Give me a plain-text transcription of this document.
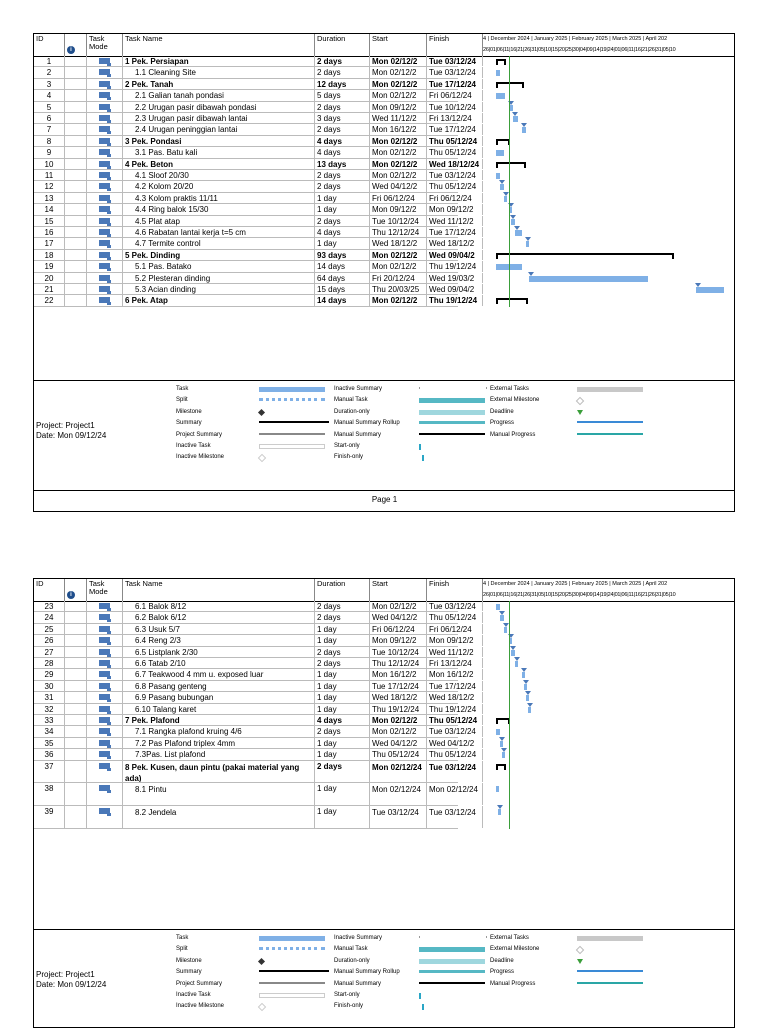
ID
i
Task Mode
Task Name	Duration	Start	Finish	4 | December 2024 | January 2025 | February 2025 | March 2025 | April 202
26|01|06|11|16|21|26|31|05|10|15|20|25|30|04|09|14|19|24|01|06|11|16|21|26|31|05|10
1	1 Pek. Persiapan	2 days	Mon 02/12/2	Tue 03/12/24
2	1.1 Cleaning Site	2 days	Mon 02/12/2	Tue 03/12/24
3	2 Pek. Tanah	12 days	Mon 02/12/2	Tue 17/12/24
4	2.1 Galian tanah pondasi	5 days	Mon 02/12/2	Fri 06/12/24
5	2.2 Urugan pasir dibawah pondasi	2 days	Mon 09/12/2	Tue 10/12/24
6	2.3 Urugan pasir dibawah lantai	3 days	Wed 11/12/2	Fri 13/12/24
7	2.4 Urugan peninggian lantai	2 days	Mon 16/12/2	Tue 17/12/24
8	3 Pek. Pondasi	4 days	Mon 02/12/2	Thu 05/12/24
9	3.1 Pas. Batu kali	4 days	Mon 02/12/2	Thu 05/12/24
10	4 Pek. Beton	13 days	Mon 02/12/2	Wed 18/12/24
11	4.1 Sloof 20/30	2 days	Mon 02/12/2	Tue 03/12/24
12	4.2 Kolom 20/20	2 days	Wed 04/12/2	Thu 05/12/24
13	4.3 Kolom praktis 11/11	1 day	Fri 06/12/24	Fri 06/12/24
14	4.4 Ring balok 15/30	1 day	Mon 09/12/2	Mon 09/12/2
15	4.5 Plat atap	2 days	Tue 10/12/24	Wed 11/12/2
16	4.6 Rabatan lantai kerja t=5 cm	4 days	Thu 12/12/24	Tue 17/12/24
17	4.7 Termite control	1 day	Wed 18/12/2	Wed 18/12/2
18	5 Pek. Dinding	93 days	Mon 02/12/2	Wed 09/04/2
19	5.1 Pas. Batako	14 days	Mon 02/12/2	Thu 19/12/24
20	5.2 Plesteran dinding	64 days	Fri 20/12/24	Wed 19/03/2
21	5.3 Acian dinding	15 days	Thu 20/03/25	Wed 09/04/2
22	6 Pek. Atap	14 days	Mon 02/12/2	Thu 19/12/24
Project: Project1
Date: Mon 09/12/24
Task
Split
Milestone
Summary
Project Summary
Inactive Task
Inactive Milestone
Inactive Summary
Manual Task
Duration-only
Manual Summary Rollup
Manual Summary
Start-only
Finish-only
External Tasks
External Milestone
Deadline
Progress
Manual Progress
Page 1
ID
i
Task Mode
Task Name	Duration	Start	Finish	4 | December 2024 | January 2025 | February 2025 | March 2025 | April 202
26|01|06|11|16|21|26|31|05|10|15|20|25|30|04|09|14|19|24|01|06|11|16|21|26|31|05|10
23	6.1 Balok 8/12	2 days	Mon 02/12/2	Tue 03/12/24
24	6.2 Balok 6/12	2 days	Wed 04/12/2	Thu 05/12/24
25	6.3 Usuk 5/7	1 day	Fri 06/12/24	Fri 06/12/24
26	6.4 Reng 2/3	1 day	Mon 09/12/2	Mon 09/12/2
27	6.5 Listplank 2/30	2 days	Tue 10/12/24	Wed 11/12/2
28	6.6 Tatab 2/10	2 days	Thu 12/12/24	Fri 13/12/24
29	6.7 Teakwood 4 mm u. exposed luar	1 day	Mon 16/12/2	Mon 16/12/2
30	6.8 Pasang genteng	1 day	Tue 17/12/24	Tue 17/12/24
31	6.9 Pasang bubungan	1 day	Wed 18/12/2	Wed 18/12/2
32	6.10 Talang karet	1 day	Thu 19/12/24	Thu 19/12/24
33	7 Pek. Plafond	4 days	Mon 02/12/2	Thu 05/12/24
34	7.1 Rangka plafond kruing 4/6	2 days	Mon 02/12/2	Tue 03/12/24
35	7.2 Pas Plafond triplex 4mm	1 day	Wed 04/12/2	Wed 04/12/2
36	7.3Pas. List plafond	1 day	Thu 05/12/24	Thu 05/12/24
37	8 Pek. Kusen, daun pintu (pakai material yang ada)
2 days	Mon 02/12/24 Tue 03/12/24
38	8.1 Pintu	1 day	Mon 02/12/24	Mon 02/12/24
39	8.2 Jendela	1 day	Tue 03/12/24	Tue 03/12/24
Project: Project1
Date: Mon 09/12/24
Task
Split
Milestone
Summary
Project Summary
Inactive Task
Inactive Milestone
Inactive Summary
Manual Task
Duration-only
Manual Summary Rollup
Manual Summary
Start-only
Finish-only
External Tasks
External Milestone
Deadline
Progress
Manual Progress
